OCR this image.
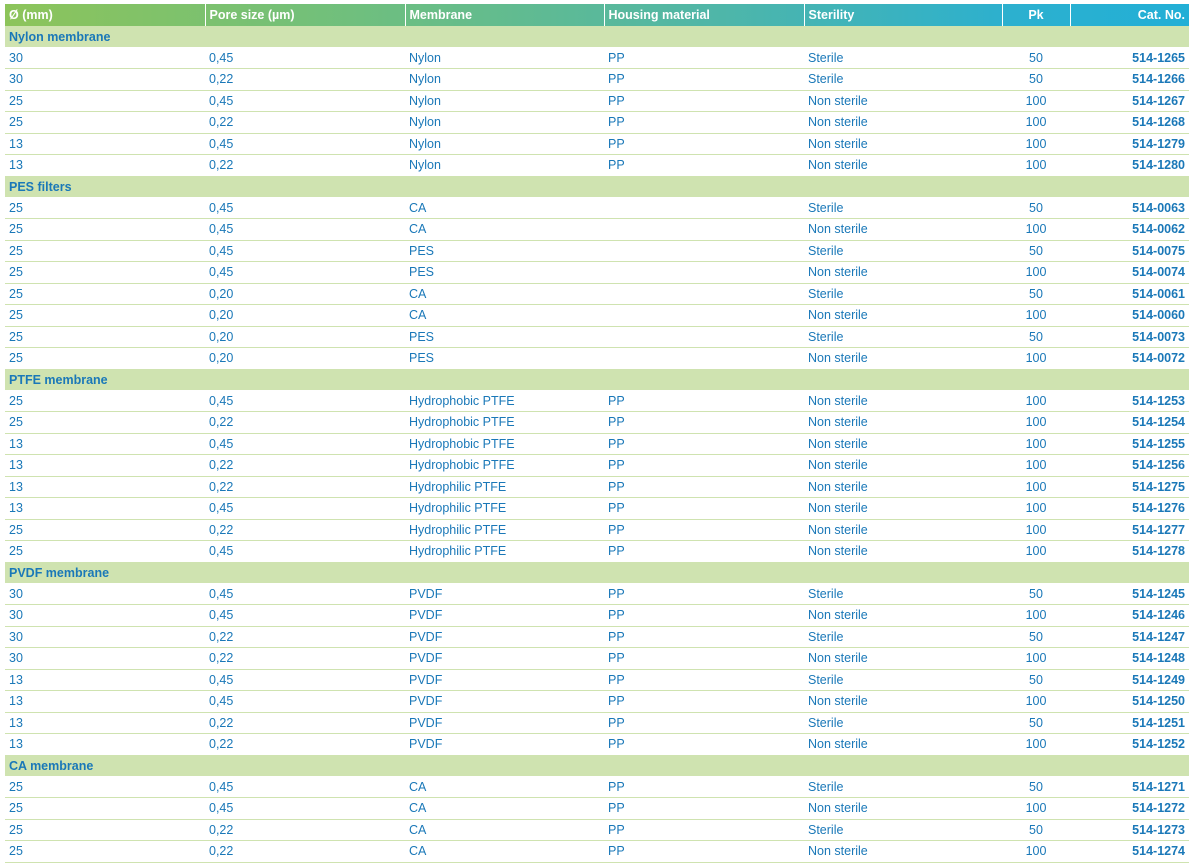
Ø (mm)	Pore size (µm)	Membrane	Housing material	Sterility	Pk	Cat. No.
Nylon membrane						
30	0,45	Nylon	PP	Sterile	50	514-1265
30	0,22	Nylon	PP	Sterile	50	514-1266
25	0,45	Nylon	PP	Non sterile	100	514-1267
25	0,22	Nylon	PP	Non sterile	100	514-1268
13	0,45	Nylon	PP	Non sterile	100	514-1279
13	0,22	Nylon	PP	Non sterile	100	514-1280
PES filters						
25	0,45	CA		Sterile	50	514-0063
25	0,45	CA		Non sterile	100	514-0062
25	0,45	PES		Sterile	50	514-0075
25	0,45	PES		Non sterile	100	514-0074
25	0,20	CA		Sterile	50	514-0061
25	0,20	CA		Non sterile	100	514-0060
25	0,20	PES		Sterile	50	514-0073
25	0,20	PES		Non sterile	100	514-0072
PTFE membrane						
25	0,45	Hydrophobic PTFE	PP	Non sterile	100	514-1253
25	0,22	Hydrophobic PTFE	PP	Non sterile	100	514-1254
13	0,45	Hydrophobic PTFE	PP	Non sterile	100	514-1255
13	0,22	Hydrophobic PTFE	PP	Non sterile	100	514-1256
13	0,22	Hydrophilic PTFE	PP	Non sterile	100	514-1275
13	0,45	Hydrophilic PTFE	PP	Non sterile	100	514-1276
25	0,22	Hydrophilic PTFE	PP	Non sterile	100	514-1277
25	0,45	Hydrophilic PTFE	PP	Non sterile	100	514-1278
PVDF membrane						
30	0,45	PVDF	PP	Sterile	50	514-1245
30	0,45	PVDF	PP	Non sterile	100	514-1246
30	0,22	PVDF	PP	Sterile	50	514-1247
30	0,22	PVDF	PP	Non sterile	100	514-1248
13	0,45	PVDF	PP	Sterile	50	514-1249
13	0,45	PVDF	PP	Non sterile	100	514-1250
13	0,22	PVDF	PP	Sterile	50	514-1251
13	0,22	PVDF	PP	Non sterile	100	514-1252
CA membrane						
25	0,45	CA	PP	Sterile	50	514-1271
25	0,45	CA	PP	Non sterile	100	514-1272
25	0,22	CA	PP	Sterile	50	514-1273
25	0,22	CA	PP	Non sterile	100	514-1274
